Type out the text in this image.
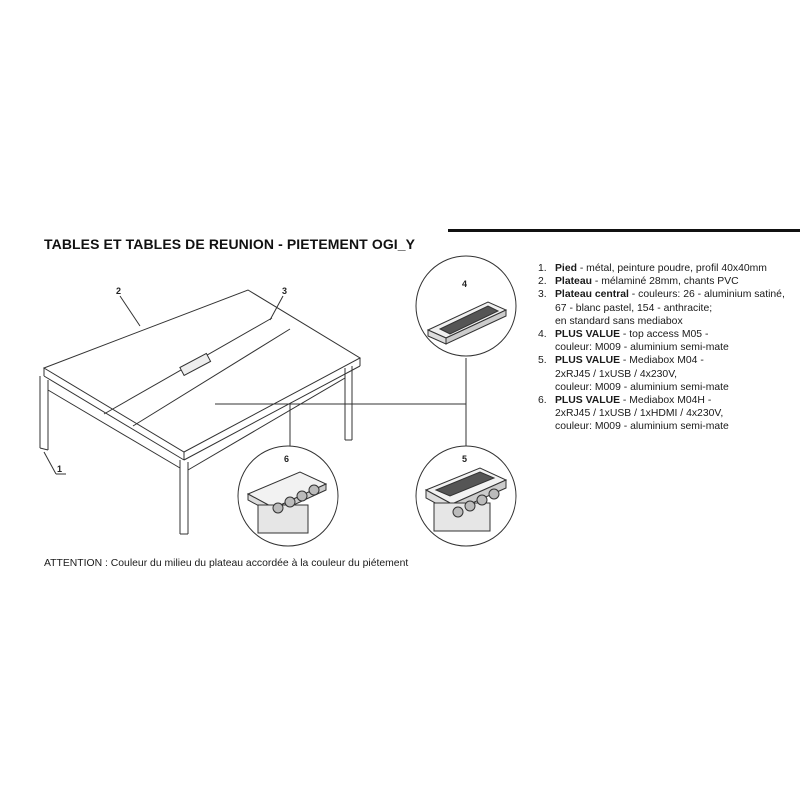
TABLES ET TABLES DE REUNION - PIETEMENT OGI_Y
1
2	3
4
6	5
1. Pied - métal, peinture poudre, profil 40x40mm
2. Plateau - mélaminé 28mm, chants PVC
3. Plateau central - couleurs: 26 - aluminium satiné,
67 - blanc pastel, 154 - anthracite;
en standard sans mediabox
4. PLUS VALUE - top access M05 -
couleur: M009 - aluminium semi-mate
5. PLUS VALUE - Mediabox M04 -
2xRJ45 / 1xUSB / 4x230V,
couleur: M009 - aluminium semi-mate
6. PLUS VALUE - Mediabox M04H -
2xRJ45 / 1xUSB / 1xHDMI / 4x230V,
couleur: M009 - aluminium semi-mate
ATTENTION : Couleur du milieu du plateau accordée à la couleur du piétement
